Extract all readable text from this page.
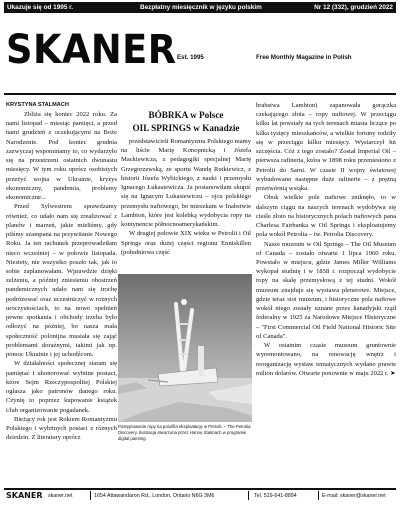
Ukazuje się od 1995 r.	Bezpłatny miesięcznik w języku polskim	Nr 12 (332), grudzień 2022
SKANER Est. 1995	Free Monthly Magazine in Polish

KRYSTYNA STALMACH

Zbliża się koniec 2022 roku. Za nami listopad – miesiąc pamięci, a przed nami grudzień z oczekującymi na Boże Narodzenie. Pod koniec grudnia zazwyczaj wspominamy to, co wydarzyło się na przestrzeni ostatnich dwunastu miesięcy. W tym roku oprócz osobistych przeżyć wojna w Ukrainie, kryzys ekonomiczny, pandemia, problemy ekonomiczne...

Przed Sylwestrem sprawdzamy również, co udało nam się zrealizować z planów i marzeń, jakie mieliśmy, gdy pilśmy szampana na przywitanie Nowego Roku. Ja ten rachunek przeprowadziłam nieco wcześniej – w połowie listopada. Niestety, nie wszystko poszło tak, jak to sobie zaplanowałam. Wprawdzie dzięki zelżeniu, a później zniesieniu obostrzeń pandemicznych udało nam się trochę podróżować oraz uczestniczyć w rożnych uroczystościach, to na nowo spełnień pewne spotkania i obchody trzeba było odłożyć na później, bo nasza mała społeczność polonijna musiała się zająć problemami doraźnymi, takimi jak np. pomoc Ukrainie i jej uchodźcom.

W działalności społecznej staram się pamiętać i uhonorować wybitne postaci, które Sejm Rzeczypospolitej Polskiej ogłasza jako patronów danego roku. Czynię to poprzez kupowanie książek i/lub organizowanie pogadanek.

Bieżący rok jest Rokiem Romantyzmu Polskiego i wybitnych postaci z różnych dziedzin. Z literatury oprócz

BÓBRKA w Polsce
OIL SPRINGS w Kanadzie

przedstawicieli Romantyzmu Polskiego mamy na liście Marię Konopnicką i Józefa Mackiewicza, z pedagogiki specjalnej Marię Grzegorzewską, ze sportu Wandę Rutkiewicz, z historii Józefa Wybickiego, z nauki i przemysłu Ignacego Łukasiewicza. Ja postanowiłam skupić się na Ignacym Łukasiewiczu – ojcu polskiego przemysłu naftowego, bo mieszkam w Inabstwie Lambton, które jest kolebką wydobycia ropy na kontynencie północnoamerykańskim.

W drugiej połowie XIX wieku w Petrolii i Oil Springs oraz dużej części regionu Enniskillen (południowa część

Postęptowanie ropy na polu/fila eksploatację w Petrolii. – The Petrolia Discovery. Ilustracja stworzona przez Hannę Stalmach w programie digital painting.

hrabstwa Lambton) zapanowała gorączka czekającego złota – ropy naftowej. W przeciągu kilku lat powstały na tych terenach miasta liczące po kilka tysięcy mieszkańców, a wielkie fortuny rodziły się w przeciągu kilku miesięcy. Wystarczył łut szczęścia. Cóż z tego zostało? Został Imperial Oil – pierwsza rafineria, która w 1898 roku przeniesiono z Petrolii do Sarni. W czasie II wojny światowej wybudowano następne duże rafinerie – z prężną przetwórnią wsiąka.

Obok wielkie pole naftowe zniknęło, to w dalszym ciągu na naszych terenach wydobywa się cieśle złoto na historycznych polach naftowych pana Charlesa Fairbanka w Oil Springs i eksploatujemy pola wokół Petrolia – tw. Petrolia Discovery.

Nasze muzeum w Oil Springs – The Oil Museum of Canada – zostało otwarte 1 lipca 1960 roku. Powstało w miejscu, gdzie James Miller Williams wykopał studnię i w 1858 r. rozpoczął wydobycie ropy na skalę przemysłową z tej studni. Wokół muzeum znajduje się wystawa plenerowe. Miejsce, gdzie teraz stoi muzeum, i historyczne pola naftowe wokół niego zostały uznane przez kanadyjski rząd federalny w 1925 za Narodowe Miejsce Historyczne – "First Commercial Oil Field National Historic Site of Canada".

W ostatnim czasie muzeum gruntownie wyremontowano, na renowację wnętrz i reorganizację wystaw tematycznych wydano prawie milion dolarów. Otwarte ponownie w maju 2022 r. ➤

SKANER skaner.net	1654 Attawandaron Rd., London, Ontario N6G 3M6	Tel. 519-641-8894	E-mail: skaner@skaner.net
